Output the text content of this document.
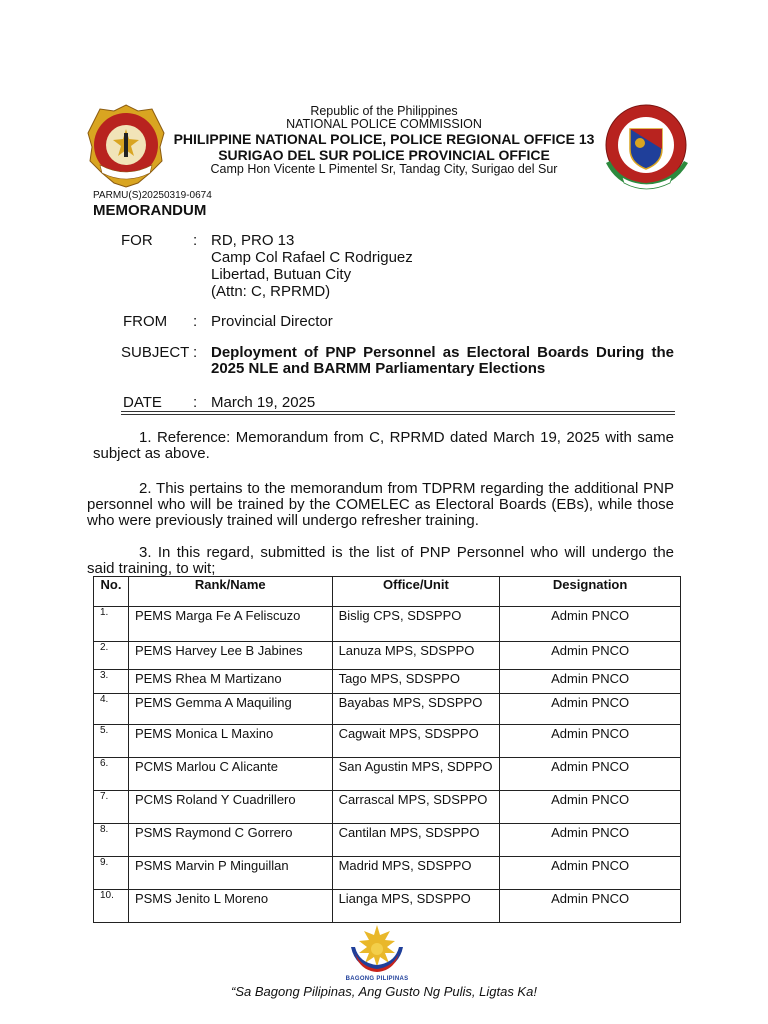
Republic of the Philippines
NATIONAL POLICE COMMISSION
PHILIPPINE NATIONAL POLICE, POLICE REGIONAL OFFICE 13
SURIGAO DEL SUR POLICE PROVINCIAL OFFICE
Camp Hon Vicente L Pimentel Sr, Tandag City, Surigao del Sur
PARMU(S)20250319-0674
MEMORANDUM
FOR	: RD, PRO 13
Camp Col Rafael C Rodriguez
Libertad, Butuan City
(Attn: C, RPRMD)
FROM : Provincial Director
SUBJECT : Deployment of PNP Personnel as Electoral Boards During the
2025 NLE and BARMM Parliamentary Elections
DATE : March 19, 2025

1. Reference: Memorandum from C, RPRMD dated March 19, 2025 with same subject as above.

2. This pertains to the memorandum from TDPRM regarding the additional PNP personnel who will be trained by the COMELEC as Electoral Boards (EBs), while those who were previously trained will undergo refresher training.

3. In this regard, submitted is the list of PNP Personnel who will undergo the said training, to wit;

No.	Rank/Name	Office/Unit	Designation
1.	PEMS Marga Fe A Feliscuzo	Bislig CPS, SDSPPO	Admin PNCO
2.	PEMS Harvey Lee B Jabines	Lanuza MPS, SDSPPO	Admin PNCO
3.	PEMS Rhea M Martizano	Tago MPS, SDSPPO	Admin PNCO
4.	PEMS Gemma A Maquiling	Bayabas MPS, SDSPPO	Admin PNCO
5.	PEMS Monica L Maxino	Cagwait MPS, SDSPPO	Admin PNCO
6.	PCMS Marlou C Alicante	San Agustin MPS, SDPPO	Admin PNCO
7.	PCMS Roland Y Cuadrillero	Carrascal MPS, SDSPPO	Admin PNCO
8.	PSMS Raymond C Gorrero	Cantilan MPS, SDSPPO	Admin PNCO
9.	PSMS Marvin P Minguillan	Madrid MPS, SDSPPO	Admin PNCO
10.	PSMS Jenito L Moreno	Lianga MPS, SDSPPO	Admin PNCO
BAGONG PILIPINAS
“Sa Bagong Pilipinas, Ang Gusto Ng Pulis, Ligtas Ka!
